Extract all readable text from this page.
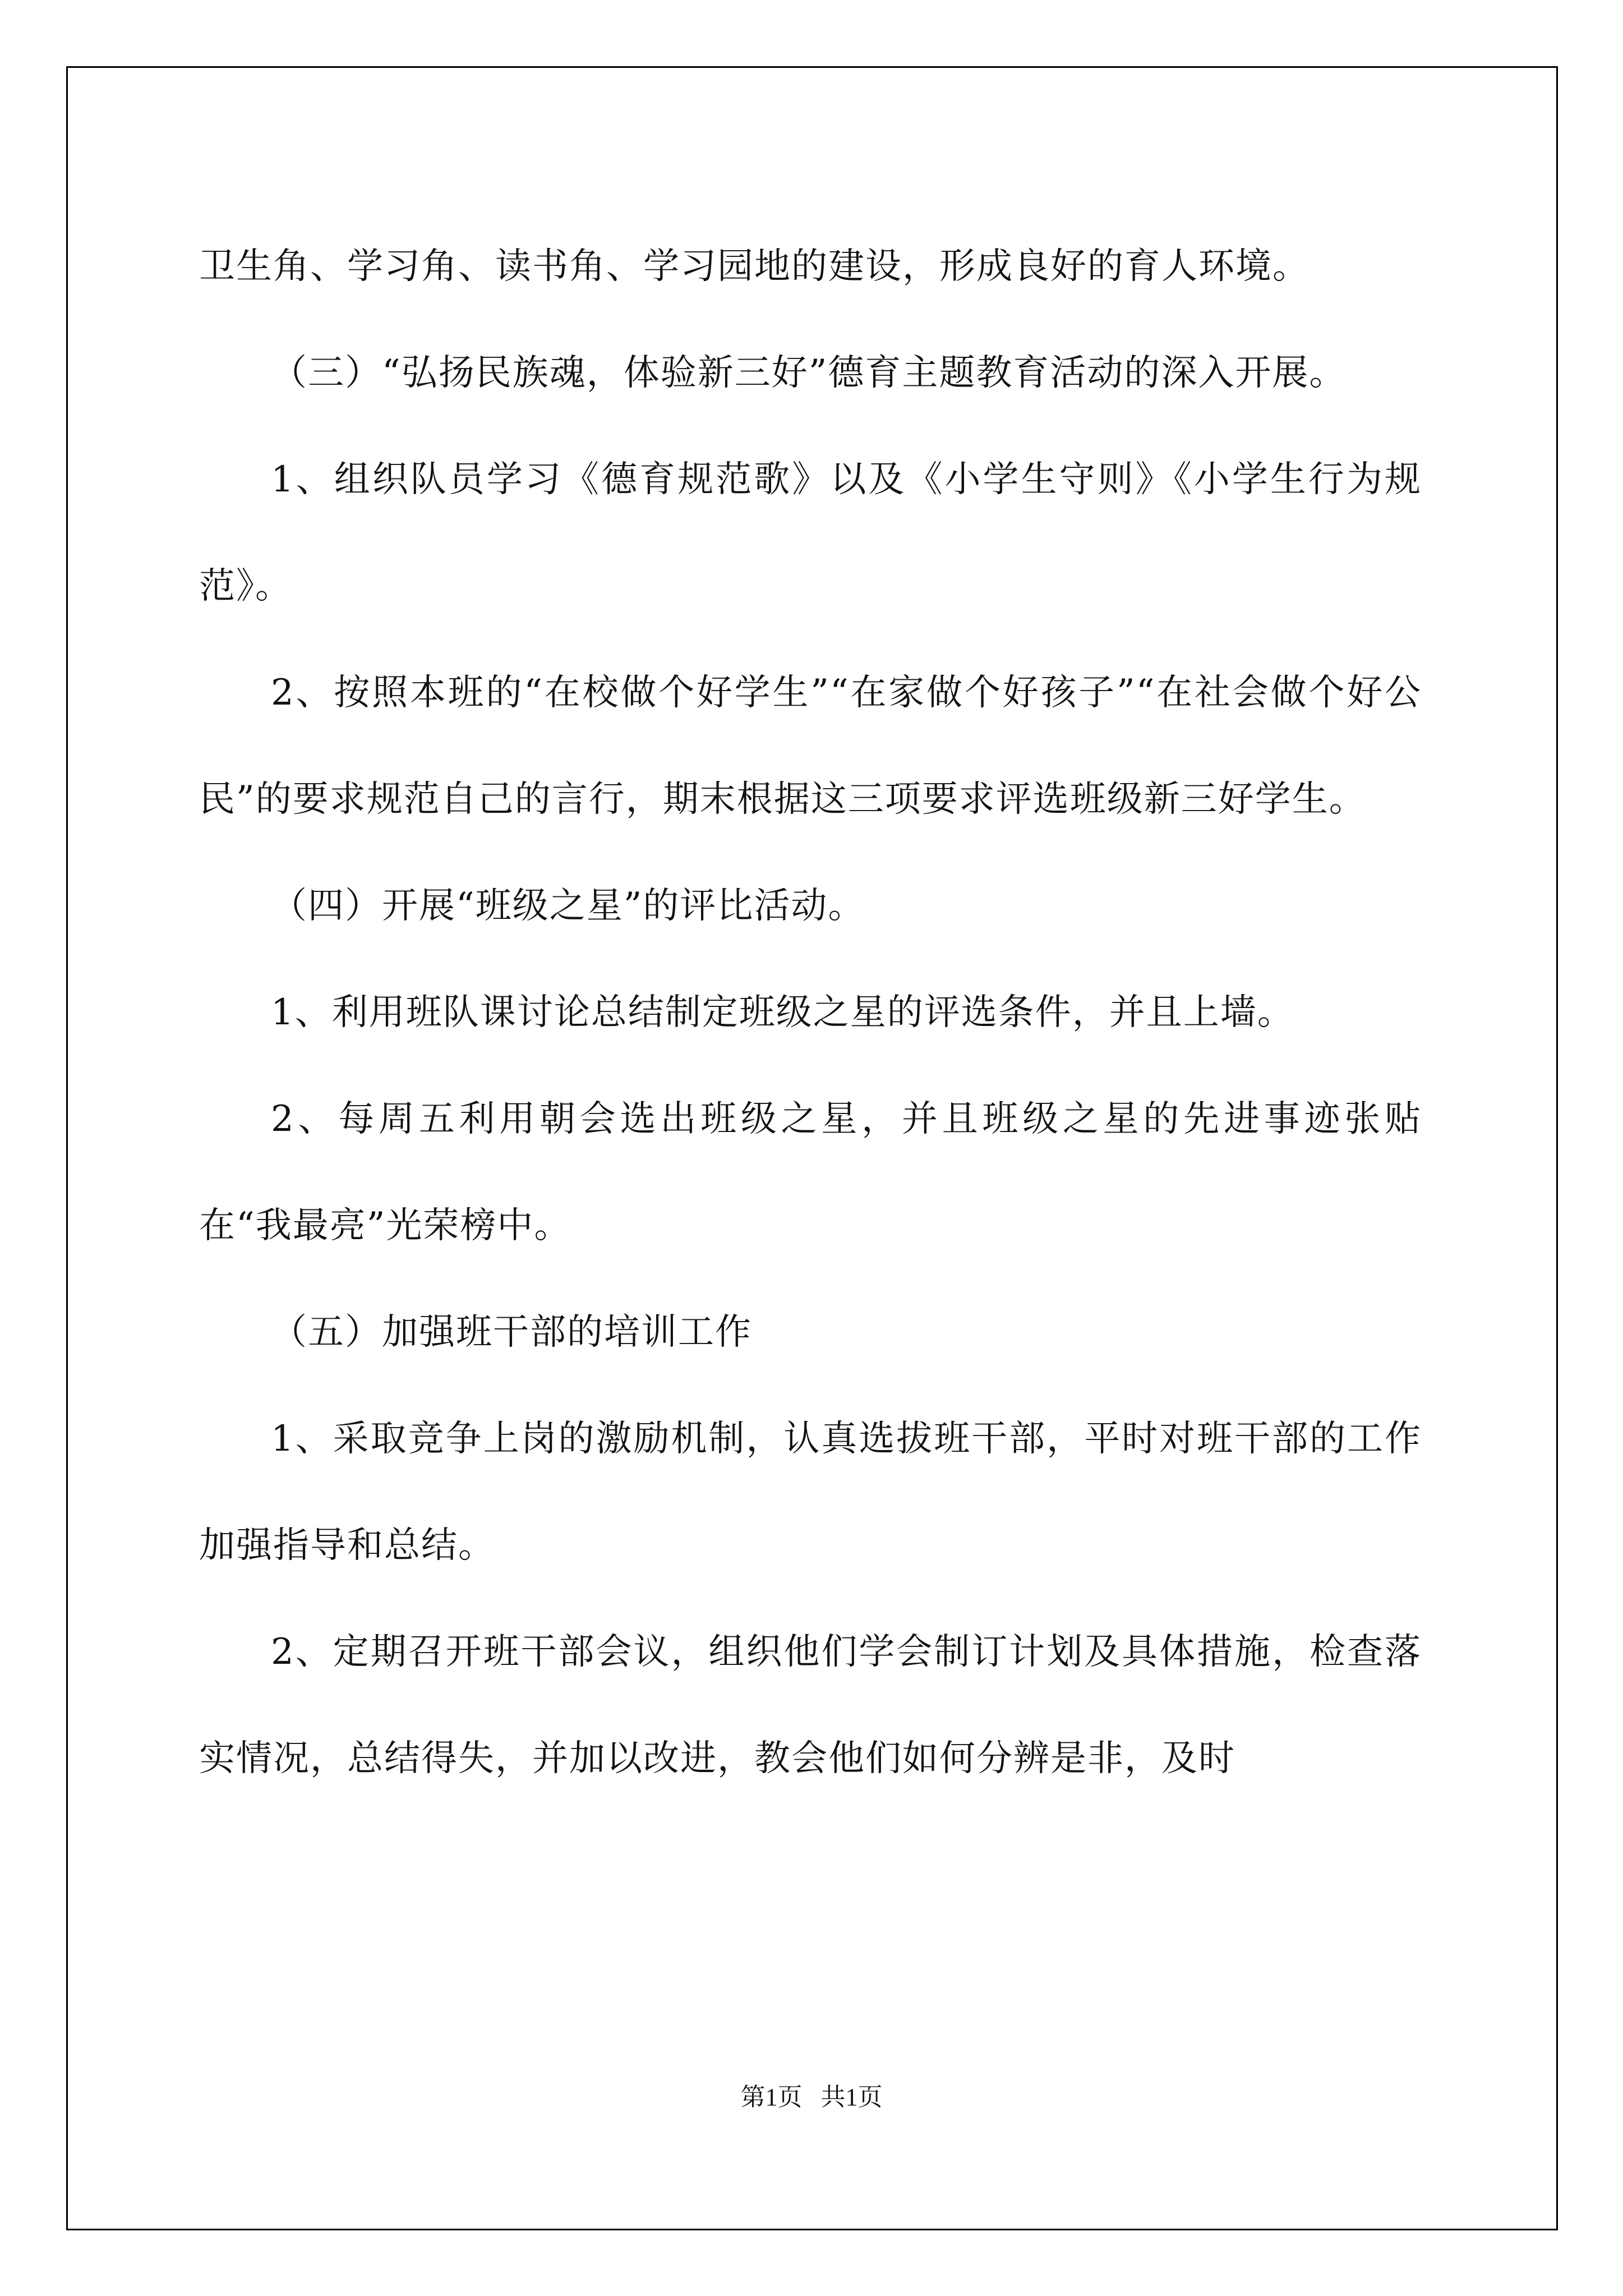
卫生角、学习角、读书角、学习园地的建设，形成良好的育人环境。

（三）“弘扬民族魂，体验新三好”德育主题教育活动的深入开展。

1、组织队员学习《德育规范歌》以及《小学生守则》《小学生行为规范》。

2、按照本班的“在校做个好学生”“在家做个好孩子”“在社会做个好公民”的要求规范自己的言行，期末根据这三项要求评选班级新三好学生。

（四）开展“班级之星”的评比活动。

1、利用班队课讨论总结制定班级之星的评选条件，并且上墙。

2、每周五利用朝会选出班级之星，并且班级之星的先进事迹张贴在“我最亮”光荣榜中。

（五）加强班干部的培训工作

1、采取竞争上岗的激励机制，认真选拔班干部，平时对班干部的工作加强指导和总结。

2、定期召开班干部会议，组织他们学会制订计划及具体措施，检查落实情况，总结得失，并加以改进，教会他们如何分辨是非，及时

第1页   共1页
